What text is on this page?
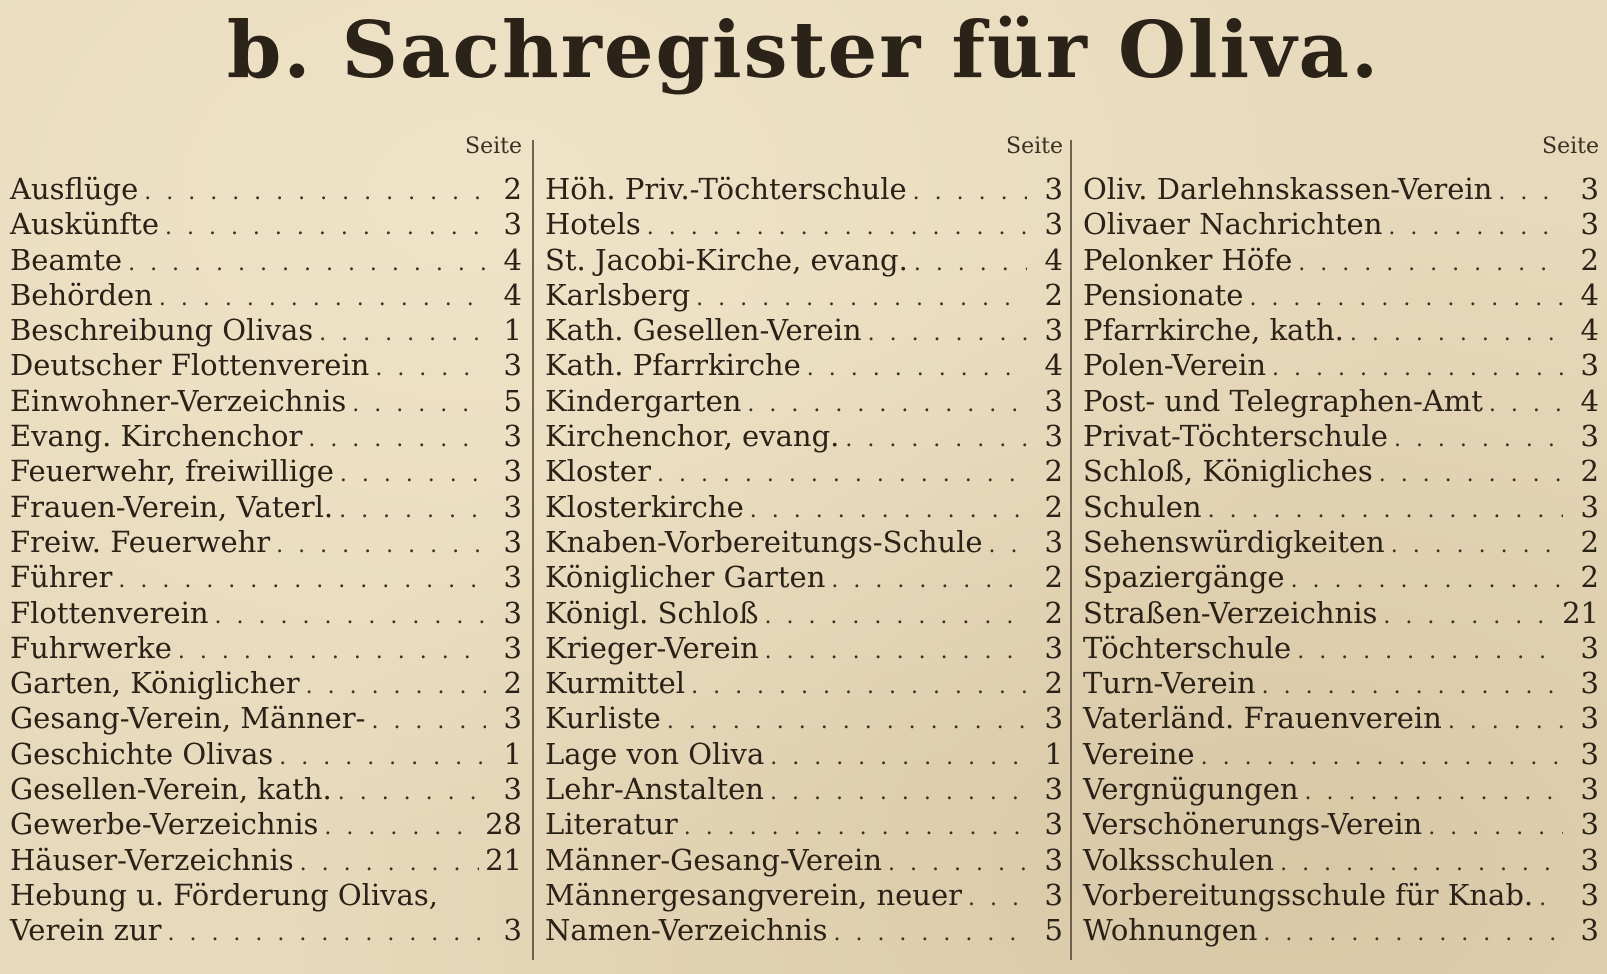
b. Sachregister für Oliva.
Seite
Ausflüge . . .	2
Auskünfte . . .	3
Beamte . . .	4
Behörden . . .	4
Beschreibung Olivas . . .	1
Deutscher Flottenverein . . .	3
Einwohner-Verzeichnis . . .	5
Evang. Kirchenchor . . .	3
Feuerwehr, freiwillige . . .	3
Frauen-Verein, Vaterl. . . .	3
Freiw. Feuerwehr . . .	3
Führer . . .	3
Flottenverein . . .	3
Fuhrwerke . . .	3
Garten, Königlicher . . .	2
Gesang-Verein, Männer- . . .	3
Geschichte Olivas . . .	1
Gesellen-Verein, kath. . . .	3
Gewerbe-Verzeichnis . . .	28
Häuser-Verzeichnis . . .	21
Hebung u. Förderung Olivas,
Verein zur . . .	3
Seite
Höh. Priv.-Töchterschule . . .	3
Hotels . . .	3
St. Jacobi-Kirche, evang. . . .	4
Karlsberg . . .	2
Kath. Gesellen-Verein . . .	3
Kath. Pfarrkirche . . .	4
Kindergarten . . .	3
Kirchenchor, evang. . . .	3
Kloster . . .	2
Klosterkirche . . .	2
Knaben-Vorbereitungs-Schule . . .	3
Königlicher Garten . . .	2
Königl. Schloß . . .	2
Krieger-Verein . . .	3
Kurmittel . . .	2
Kurliste . . .	3
Lage von Oliva . . .	1
Lehr-Anstalten . . .	3
Literatur . . .	3
Männer-Gesang-Verein . . .	3
Männergesangverein, neuer . . .	3
Namen-Verzeichnis . . .	5
Seite
Oliv. Darlehnskassen-Verein . . .	3
Olivaer Nachrichten . . .	3
Pelonker Höfe . . .	2
Pensionate . . .	4
Pfarrkirche, kath. . . .	4
Polen-Verein . . .	3
Post- und Telegraphen-Amt . . .	4
Privat-Töchterschule . . .	3
Schloß, Königliches . . .	2
Schulen . . .	3
Sehenswürdigkeiten . . .	2
Spaziergänge . . .	2
Straßen-Verzeichnis . . .	21
Töchterschule . . .	3
Turn-Verein . . .	3
Vaterländ. Frauenverein . . .	3
Vereine . . .	3
Vergnügungen . . .	3
Verschönerungs-Verein . . .	3
Volksschulen . . .	3
Vorbereitungsschule für Knab. . . .	3
Wohnungen . . .	3
